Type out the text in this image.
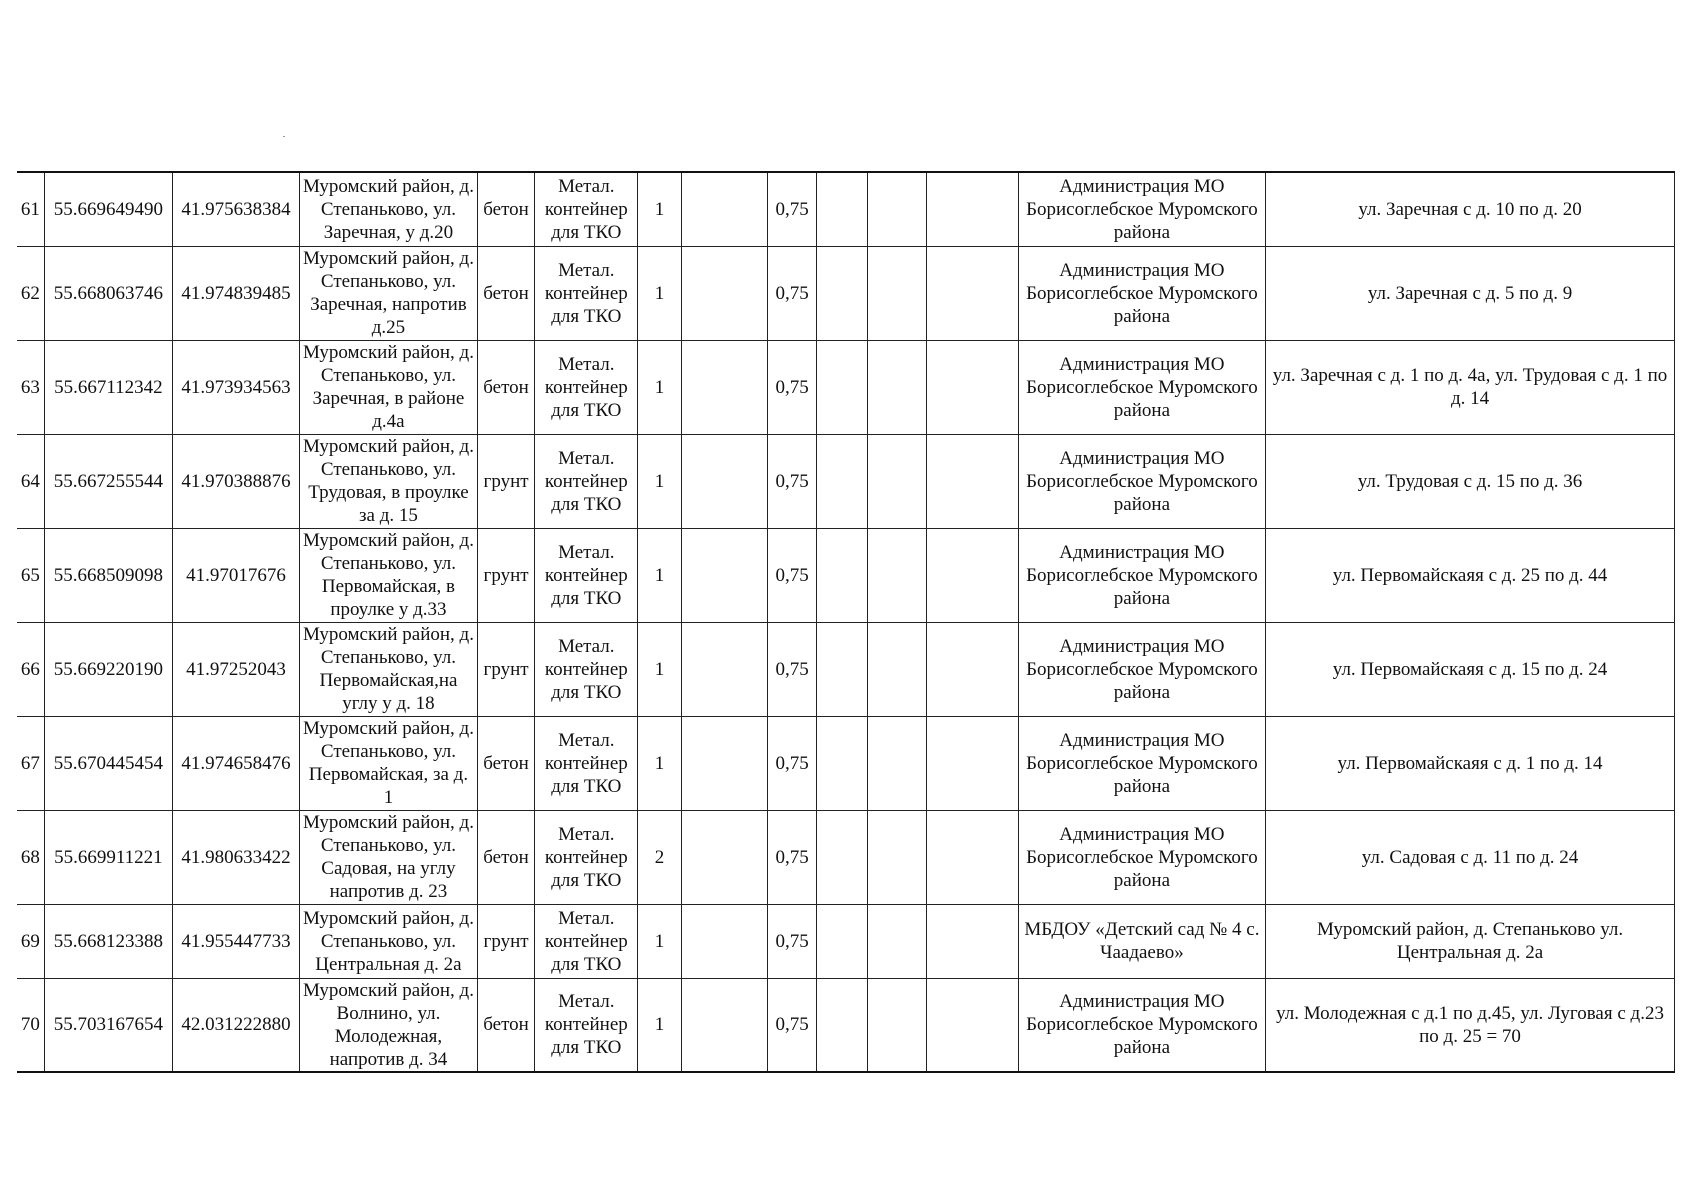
61	55.669649490	41.975638384	Муромский район, д. Степаньково, ул. Заречная, у д.20	бетон	Метал. контейнер для ТКО	1		0,75				Администрация МО Борисоглебское Муромского района	ул. Заречная с д. 10 по д. 20
62	55.668063746	41.974839485	Муромский район, д. Степаньково, ул. Заречная, напротив д.25	бетон	Метал. контейнер для ТКО	1		0,75				Администрация МО Борисоглебское Муромского района	ул. Заречная с д. 5 по д. 9
63	55.667112342	41.973934563	Муромский район, д. Степаньково, ул. Заречная, в районе д.4а	бетон	Метал. контейнер для ТКО	1		0,75				Администрация МО Борисоглебское Муромского района	ул. Заречная с д. 1 по д. 4а, ул. Трудовая с д. 1 по д. 14
64	55.667255544	41.970388876	Муромский район, д. Степаньково, ул. Трудовая, в проулке за д. 15	грунт	Метал. контейнер для ТКО	1		0,75				Администрация МО Борисоглебское Муромского района	ул. Трудовая с д. 15 по д. 36
65	55.668509098	41.97017676	Муромский район, д. Степаньково, ул. Первомайская, в проулке у д.33	грунт	Метал. контейнер для ТКО	1		0,75				Администрация МО Борисоглебское Муромского района	ул. Первомайскаяя с д. 25 по д. 44
66	55.669220190	41.97252043	Муромский район, д. Степаньково, ул. Первомайская,на углу у д. 18	грунт	Метал. контейнер для ТКО	1		0,75				Администрация МО Борисоглебское Муромского района	ул. Первомайскаяя с д. 15 по д. 24
67	55.670445454	41.974658476	Муромский район, д. Степаньково, ул. Первомайская, за д. 1	бетон	Метал. контейнер для ТКО	1		0,75				Администрация МО Борисоглебское Муромского района	ул. Первомайскаяя с д. 1 по д. 14
68	55.669911221	41.980633422	Муромский район, д. Степаньково, ул. Садовая, на углу напротив д. 23	бетон	Метал. контейнер для ТКО	2		0,75				Администрация МО Борисоглебское Муромского района	ул. Садовая с д. 11 по д. 24
69	55.668123388	41.955447733	Муромский район, д. Степаньково, ул. Центральная д. 2а	грунт	Метал. контейнер для ТКО	1		0,75				МБДОУ «Детский сад № 4 с. Чаадаево»	Муромский район, д. Степаньково ул. Центральная д. 2а
70	55.703167654	42.031222880	Муромский район, д. Волнино, ул. Молодежная, напротив д. 34	бетон	Метал. контейнер для ТКО	1		0,75				Администрация МО Борисоглебское Муромского района	ул. Молодежная с д.1 по д.45, ул. Луговая с д.23 по д. 25 = 70
